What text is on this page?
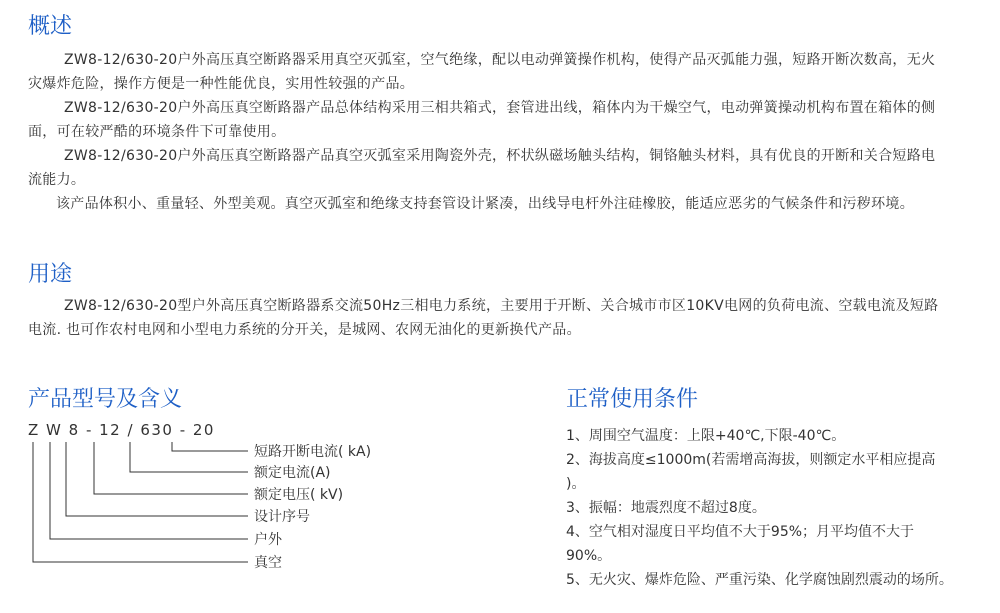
概述

ZW8-12/630-20户外高压真空断路器采用真空灭弧室，空气绝缘，配以电动弹簧操作机构，使得产品灭弧能力强，短路开断次数高，无火灾爆炸危险，操作方便是一种性能优良，实用性较强的产品。

ZW8-12/630-20户外高压真空断路器产品总体结构采用三相共箱式，套管进出线，箱体内为干燥空气，电动弹簧操动机构布置在箱体的侧面，可在较严酷的环境条件下可靠使用。

ZW8-12/630-20户外高压真空断路器产品真空灭弧室采用陶瓷外壳，杯状纵磁场触头结构，铜铬触头材料，具有优良的开断和关合短路电流能力。

该产品体积小、重量轻、外型美观。真空灭弧室和绝缘支持套管设计紧凑，出线导电杆外注硅橡胶，能适应恶劣的气候条件和污秽环境。

用途

ZW8-12/630-20型户外高压真空断路器系交流50Hz三相电力系统，主要用于开断、关合城市市区10KV电网的负荷电流、空载电流及短路电流. 也可作农村电网和小型电力系统的分开关，是城网、农网无油化的更新换代产品。

产品型号及含义
Z W 8 - 12 / 630 - 20
短路开断电流( kA)
额定电流(A)
额定电压( kV)
设计序号
户外
真空
正常使用条件
1、周围空气温度：上限+40℃,下限-40℃。
2、海拔高度≤1000m(若需增高海拔，则额定水平相应提高 )。
3、振幅：地震烈度不超过8度。
4、空气相对湿度日平均值不大于95%；月平均值不大于90%。
5、无火灾、爆炸危险、严重污染、化学腐蚀剧烈震动的场所。
